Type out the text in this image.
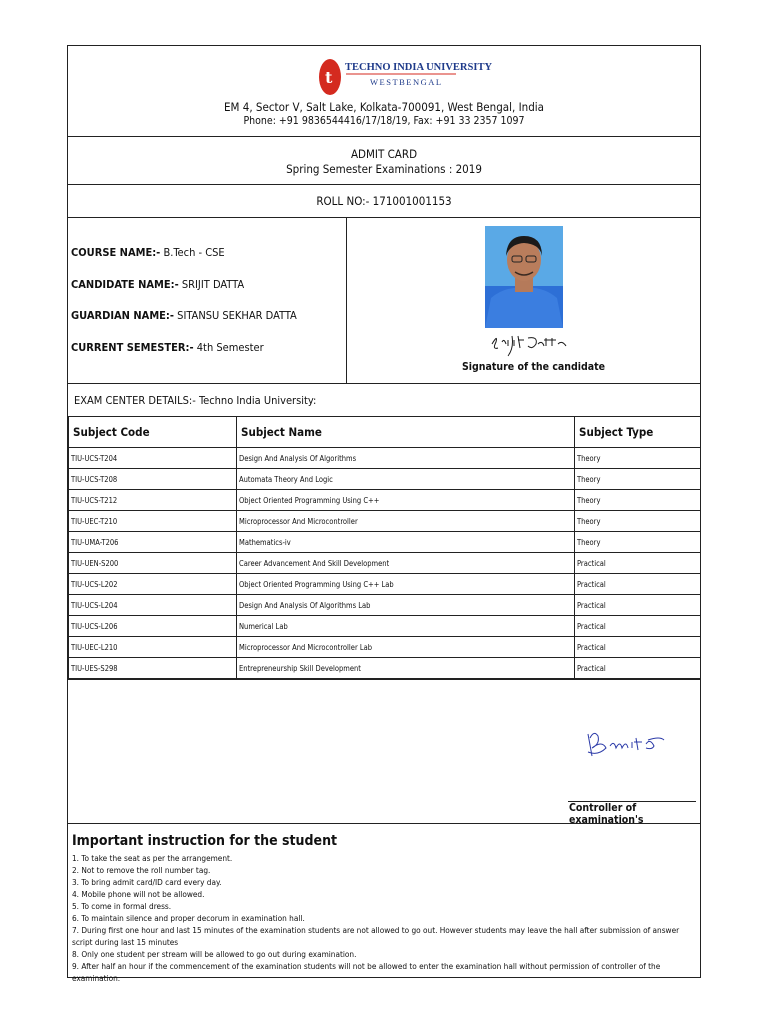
t
TECHNO INDIA UNIVERSITY
WESTBENGAL
EM 4, Sector V, Salt Lake, Kolkata-700091, West Bengal, India
Phone: +91 9836544416/17/18/19, Fax: +91 33 2357 1097
ADMIT CARD
Spring Semester Examinations : 2019
ROLL NO:- 171001001153
COURSE NAME:- B.Tech - CSE
CANDIDATE NAME:- SRIJIT DATTA
GUARDIAN NAME:- SITANSU SEKHAR DATTA
CURRENT SEMESTER:- 4th Semester
Signature of the candidate
EXAM CENTER DETAILS:- Techno India University:
Subject Code	Subject Name	Subject Type
TIU-UCS-T204	Design And Analysis Of Algorithms	Theory
TIU-UCS-T208	Automata Theory And Logic	Theory
TIU-UCS-T212	Object Oriented Programming Using C++	Theory
TIU-UEC-T210	Microprocessor And Microcontroller	Theory
TIU-UMA-T206	Mathematics-iv	Theory
TIU-UEN-S200	Career Advancement And Skill Development	Practical
TIU-UCS-L202	Object Oriented Programming Using C++ Lab	Practical
TIU-UCS-L204	Design And Analysis Of Algorithms Lab	Practical
TIU-UCS-L206	Numerical Lab	Practical
TIU-UEC-L210	Microprocessor And Microcontroller Lab	Practical
TIU-UES-S298	Entrepreneurship Skill Development	Practical
Controller of examination's
Important instruction for the student
1. To take the seat as per the arrangement.
2. Not to remove the roll number tag.
3. To bring admit card/ID card every day.
4. Mobile phone will not be allowed.
5. To come in formal dress.
6. To maintain silence and proper decorum in examination hall.
7. During first one hour and last 15 minutes of the examination students are not allowed to go out. However students may leave the hall after submission of answer script during last 15 minutes
8. Only one student per stream will be allowed to go out during examination.
9. After half an hour if the commencement of the examination students will not be allowed to enter the examination hall without permission of controller of the examination.
